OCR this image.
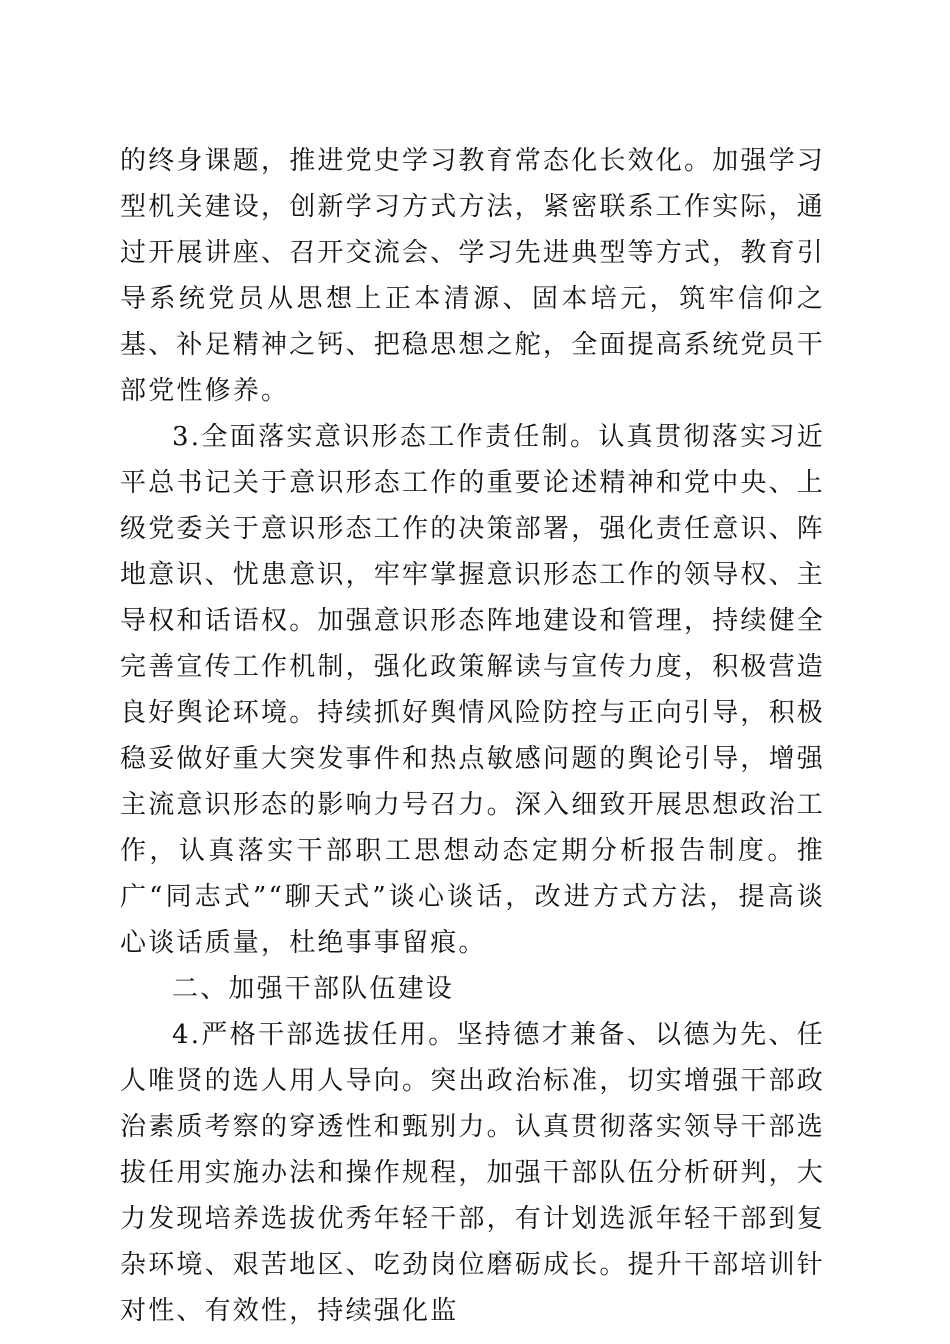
的终身课题，推进党史学习教育常态化长效化。加强学习型机关建设，创新学习方式方法，紧密联系工作实际，通过开展讲座、召开交流会、学习先进典型等方式，教育引导系统党员从思想上正本清源、固本培元，筑牢信仰之基、补足精神之钙、把稳思想之舵，全面提高系统党员干部党性修养。

3.全面落实意识形态工作责任制。认真贯彻落实习近平总书记关于意识形态工作的重要论述精神和党中央、上级党委关于意识形态工作的决策部署，强化责任意识、阵地意识、忧患意识，牢牢掌握意识形态工作的领导权、主导权和话语权。加强意识形态阵地建设和管理，持续健全完善宣传工作机制，强化政策解读与宣传力度，积极营造良好舆论环境。持续抓好舆情风险防控与正向引导，积极稳妥做好重大突发事件和热点敏感问题的舆论引导，增强主流意识形态的影响力号召力。深入细致开展思想政治工作，认真落实干部职工思想动态定期分析报告制度。推广“同志式”“聊天式”谈心谈话，改进方式方法，提高谈心谈话质量，杜绝事事留痕。

二、加强干部队伍建设

4.严格干部选拔任用。坚持德才兼备、以德为先、任人唯贤的选人用人导向。突出政治标准，切实增强干部政治素质考察的穿透性和甄别力。认真贯彻落实领导干部选拔任用实施办法和操作规程，加强干部队伍分析研判，大力发现培养选拔优秀年轻干部，有计划选派年轻干部到复杂环境、艰苦地区、吃劲岗位磨砺成长。提升干部培训针对性、有效性，持续强化监
